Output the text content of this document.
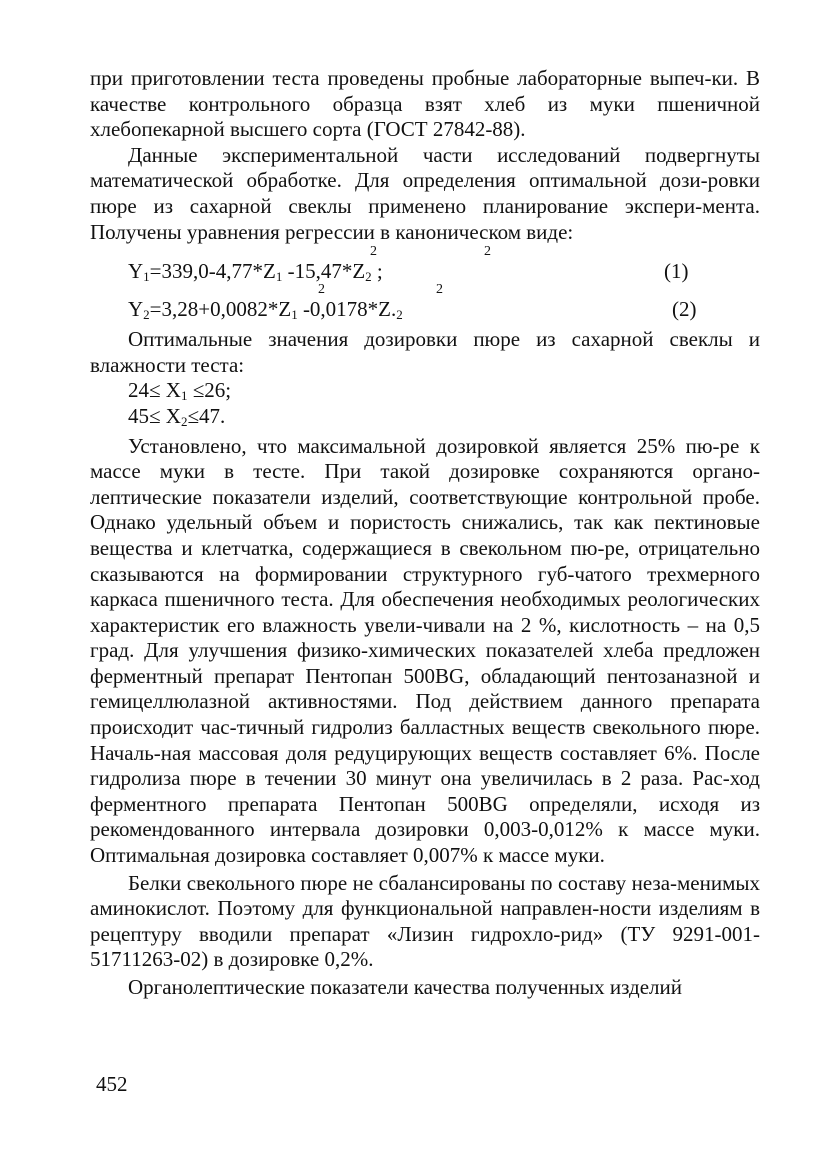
при приготовлении теста проведены пробные лабораторные выпеч-ки. В качестве контрольного образца взят хлеб из муки пшеничной хлебопекарной высшего сорта (ГОСТ 27842-88).

Данные экспериментальной части исследований подвергнуты математической обработке. Для определения оптимальной дози-ровки пюре из сахарной свеклы применено планирование экспери-мента. Получены уравнения регрессии в каноническом виде:

2	2
$Y_1=339,0-4,77*Z_1$ $-15,47*Z_2$ ;	(1)
2	2
$Y_2=3,28+0,0082*Z_1$ $-0,0178*Z._2$	(2)

Оптимальные значения дозировки пюре из сахарной свеклы и влажности теста:

$24\le X_1 \le 26$;

$45\le X_2\le 47$.

Установлено, что максимальной дозировкой является 25% пю-ре к массе муки в тесте. При такой дозировке сохраняются органо-лептические показатели изделий, соответствующие контрольной пробе. Однако удельный объем и пористость снижались, так как пектиновые вещества и клетчатка, содержащиеся в свекольном пю-ре, отрицательно сказываются на формировании структурного губ-чатого трехмерного каркаса пшеничного теста. Для обеспечения необходимых реологических характеристик его влажность увели-чивали на 2 %, кислотность – на 0,5 град. Для улучшения физико-химических показателей хлеба предложен ферментный препарат Пентопан 500BG, обладающий пентозаназной и гемицеллюлазной активностями. Под действием данного препарата происходит час-тичный гидролиз балластных веществ свекольного пюре. Началь-ная массовая доля редуцирующих веществ составляет 6%. После гидролиза пюре в течении 30 минут она увеличилась в 2 раза. Рас-ход ферментного препарата Пентопан 500BG определяли, исходя из рекомендованного интервала дозировки 0,003-0,012% к массе муки. Оптимальная дозировка составляет 0,007% к массе муки.

Белки свекольного пюре не сбалансированы по составу неза-менимых аминокислот. Поэтому для функциональной направлен-ности изделиям в рецептуру вводили препарат «Лизин гидрохло-рид» (ТУ 9291-001-51711263-02) в дозировке 0,2%.

Органолептические показатели качества полученных изделий

452
